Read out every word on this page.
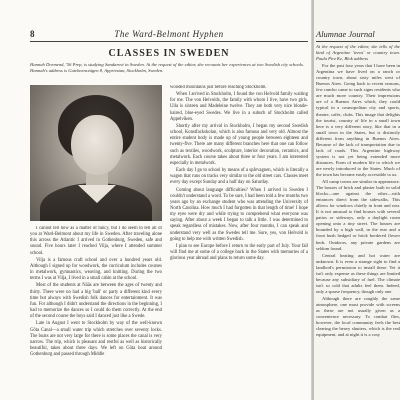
Alumnae Journal

At the request of the editor, she tells of the kind of Argentine 'teens' or country town. Paula Pirz Ke, Blok address

For the past four years that I have been in Argentina we have lived on a ranch or country town, about sixty miles west of Buenos Aires. Going back to recent seasons, few rancho came to such signs residents who are much more country. Their impressions are of a Buenos Aires which, they could typical in a cosmopolitan city and sports, theatre, cafés, clubs. This image that delights the tourist, country of life in a small town here is a very different story, like that in a small town in the States, but is distinctly different from anything in Buenos Aires. Because of the lack of transportation due to lack of roads. This Argentine highway system is not yet being extended more distances. Form of modern life to which we are newly introduced to the States. Much of the town has become easily accessible to us.

All camp towns are similar in appearance. The houses of brick and plaster built in solid blocks—one against the other—with entrances direct from the sidewalks. This allows for windows chiefly in front and rear. It is not unusual to find houses with several patios or sideways, only a daylight room opening onto a tiny street. The houses are bounded by a high wall, in the rear and a front bush hedged or brick bordered flower beds. Outdoors, any private gardens are seldom found.

Central heating and hot water are unknown. It is even a strange sight to find a landlord's permission to install these. Yet it isn't only expense as these things are limited because any subsidiary of fuel. The climate isn't so cold that adults feel them. Indeed, only a sparse frequency, though only one.

Although there are roughly the same atmosphere, one must provide with screens as these are not usually given as a convenience necessary. To combat flies, however, the local community feels the best clearing the heavy shutters, which is the real equipment, and at night it is a cosy

8	The Ward-Belmont Hyphen
CLASSES IN SWEDEN
Hannah Dormend, '56 Prep, is studying Sandarovi in Sweden. At the request of the editor, she recounts her experiences at two Swedish city schools. Hannah's address is Gutebarnsvägen 8, Apprivstan, Stockholm, Sweden.

I cannot tell how as a matter of fancy, but I do seem to tell all of you at Ward-Belmont about my life in Sweden. After traveling alone this across the Atlantic I arrived in Gothenburg, Sweden, safe and sound. Five hours later I reached Vilja, where I attended summer school.

Vilja is a famous craft school and over a hundred years old. Although I signed up for woodwork, the curriculum includes courses in metalwork, gymnastics, weaving, and knitting. During the two terms I was at Vilja, I lived in a small cabin at the school.

Most of the students at Nääs are between the ages of twenty and thirty. There were no had a big 'ball' or party a different kind every time but always with Swedish folk dances for entertainment. It was fun. For although I didn't understand the directions in the beginning, I had to memorize the dances so I could do them correctly. At the end of the second course the boys said I danced just like a Swede.

Late in August I went to Stockholm by way of the well-known Göta Canal—a small water trip which stretches over seventy locks. The boats are not very large for there is some places the canal is very narrow. The trip, which is pleasant and restful as well as historically beautiful, takes about three days. We left on Göta boat around Gothenburg and passed through Middle

wooded mountains just before reaching Stockholm.

When I arrived in Stockholm, I found the von Helvold family waiting for me. The von Helvolds, the family with whom I live, have two girls. Ulla is sixteen and Madeleine twelve. They are both very nice blonde-haired, blue-eyed Swedes. We live in a suburb of Stockholm called Appelviken.

Shortly after my arrival in Stockholm, I began my second Swedish school, Konstfackskolan, which is also famous and very old. Almost the entire student body is made up of young people between eighteen and twenty-five. There are many different branches here that one can follow such as textiles, woodwork, sculpture, interior decoration, ceramics, and metalwork. Each course takes about three or four years. I am interested especially in metalwork.

Each day I go to school by means of a spårvagnen, which is literally a wagon that runs on tracks very similar to the old street cars. Classes meet every day except Sunday and a half day on Saturday.

Coming about language difficulties? When I arrived in Sweden I couldn't understand a word. To be sure, I had been told a few months two years ago by an exchange student who was attending the University of North Carolina. How much I had forgotten in that length of time! I hope my eyes were dry and while trying to comprehend what everyone was saying. After about a week I began to talk a little. I was determined to speak regardless of mistakes. Now, after four months, I can speak and understand very well as the Swedes tell me. Sure, yes, von Helvold is going to help me with written Swedish.

I plan to see Europe before I return to the early part of July. Your fall will find me at some of a college back in the States with memories of a glorious year abroad and plans to return some day.
